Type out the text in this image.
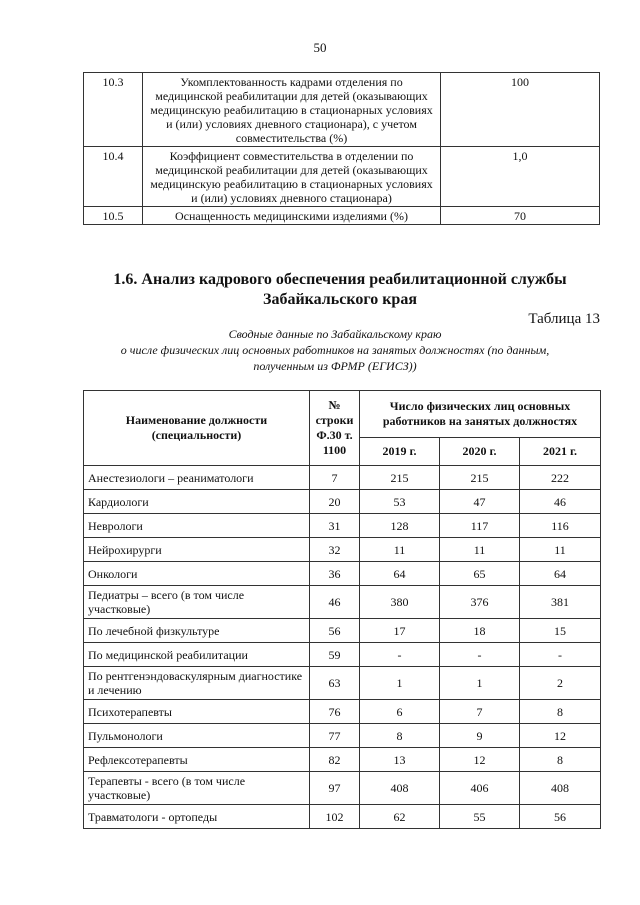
50
10.3	Укомплектованность кадрами отделения по медицинской реабилитации для детей (оказывающих медицинскую реабилитацию в стационарных условиях и (или) условиях дневного стационара), с учетом совместительства (%)	100
10.4	Коэффициент совместительства в отделении по медицинской реабилитации для детей (оказывающих медицинскую реабилитацию в стационарных условиях и (или) условиях дневного стационара)	1,0
10.5	Оснащенность медицинскими изделиями (%)	70
1.6. Анализ кадрового обеспечения реабилитационной службы
Забайкальского края
Таблица 13
Сводные данные по Забайкальскому краю
о числе физических лиц основных работников на занятых должностях (по данным,
полученным из ФРМР (ЕГИСЗ))
Наименование должности (специальности)	№ строки Ф.30 т. 1100	Число физических лиц основных работников на занятых должностях		
		2019 г.	2020 г.	2021 г.
Анестезиологи – реаниматологи	7	215	215	222
Кардиологи	20	53	47	46
Неврологи	31	128	117	116
Нейрохирурги	32	11	11	11
Онкологи	36	64	65	64
Педиатры – всего (в том числе участковые)	46	380	376	381
По лечебной физкультуре	56	17	18	15
По медицинской реабилитации	59	-	-	-
По рентгенэндоваскулярным диагностике и лечению	63	1	1	2
Психотерапевты	76	6	7	8
Пульмонологи	77	8	9	12
Рефлексотерапевты	82	13	12	8
Терапевты - всего (в том числе участковые)	97	408	406	408
Травматологи - ортопеды	102	62	55	56
